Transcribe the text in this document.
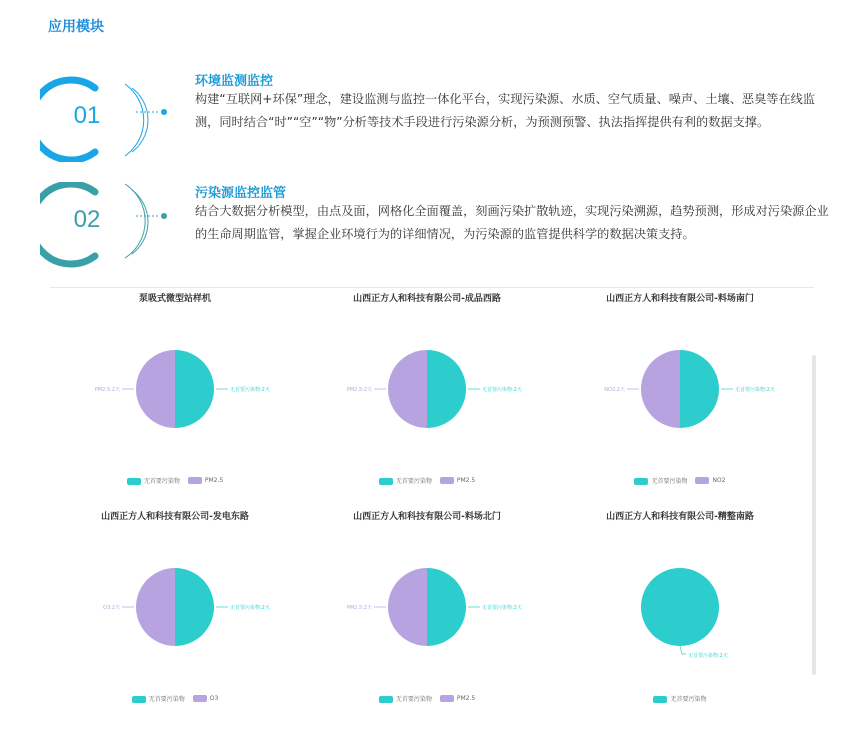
应用模块
01
环境监测监控
构建“互联网+环保”理念，建设监测与监控一体化平台，实现污染源、水质、空气质量、噪声、土壤、恶臭等在线监测，同时结合“时”“空”“物”分析等技术手段进行污染源分析，为预测预警、执法指挥提供有利的数据支撑。
02
污染源监控监管
结合大数据分析模型，由点及面，网格化全面覆盖，刻画污染扩散轨迹，实现污染溯源，趋势预测，形成对污染源企业的生命周期监管，掌握企业环境行为的详细情况，为污染源的监管提供科学的数据决策支持。
泵吸式微型站样机
无首要污染物:2天
PM2.5:2天
无首要污染物	PM2.5
山西正方人和科技有限公司-成品西路
无首要污染物:2天
PM2.5:2天
无首要污染物	PM2.5
山西正方人和科技有限公司-料场南门
无首要污染物:2天
NO2:2天
无首要污染物	NO2
山西正方人和科技有限公司-发电东路
无首要污染物:2天
O3:2天
无首要污染物	O3
山西正方人和科技有限公司-料场北门
无首要污染物:2天
PM2.5:2天
无首要污染物	PM2.5
山西正方人和科技有限公司-精整南路
无首要污染物:2天
无首要污染物
